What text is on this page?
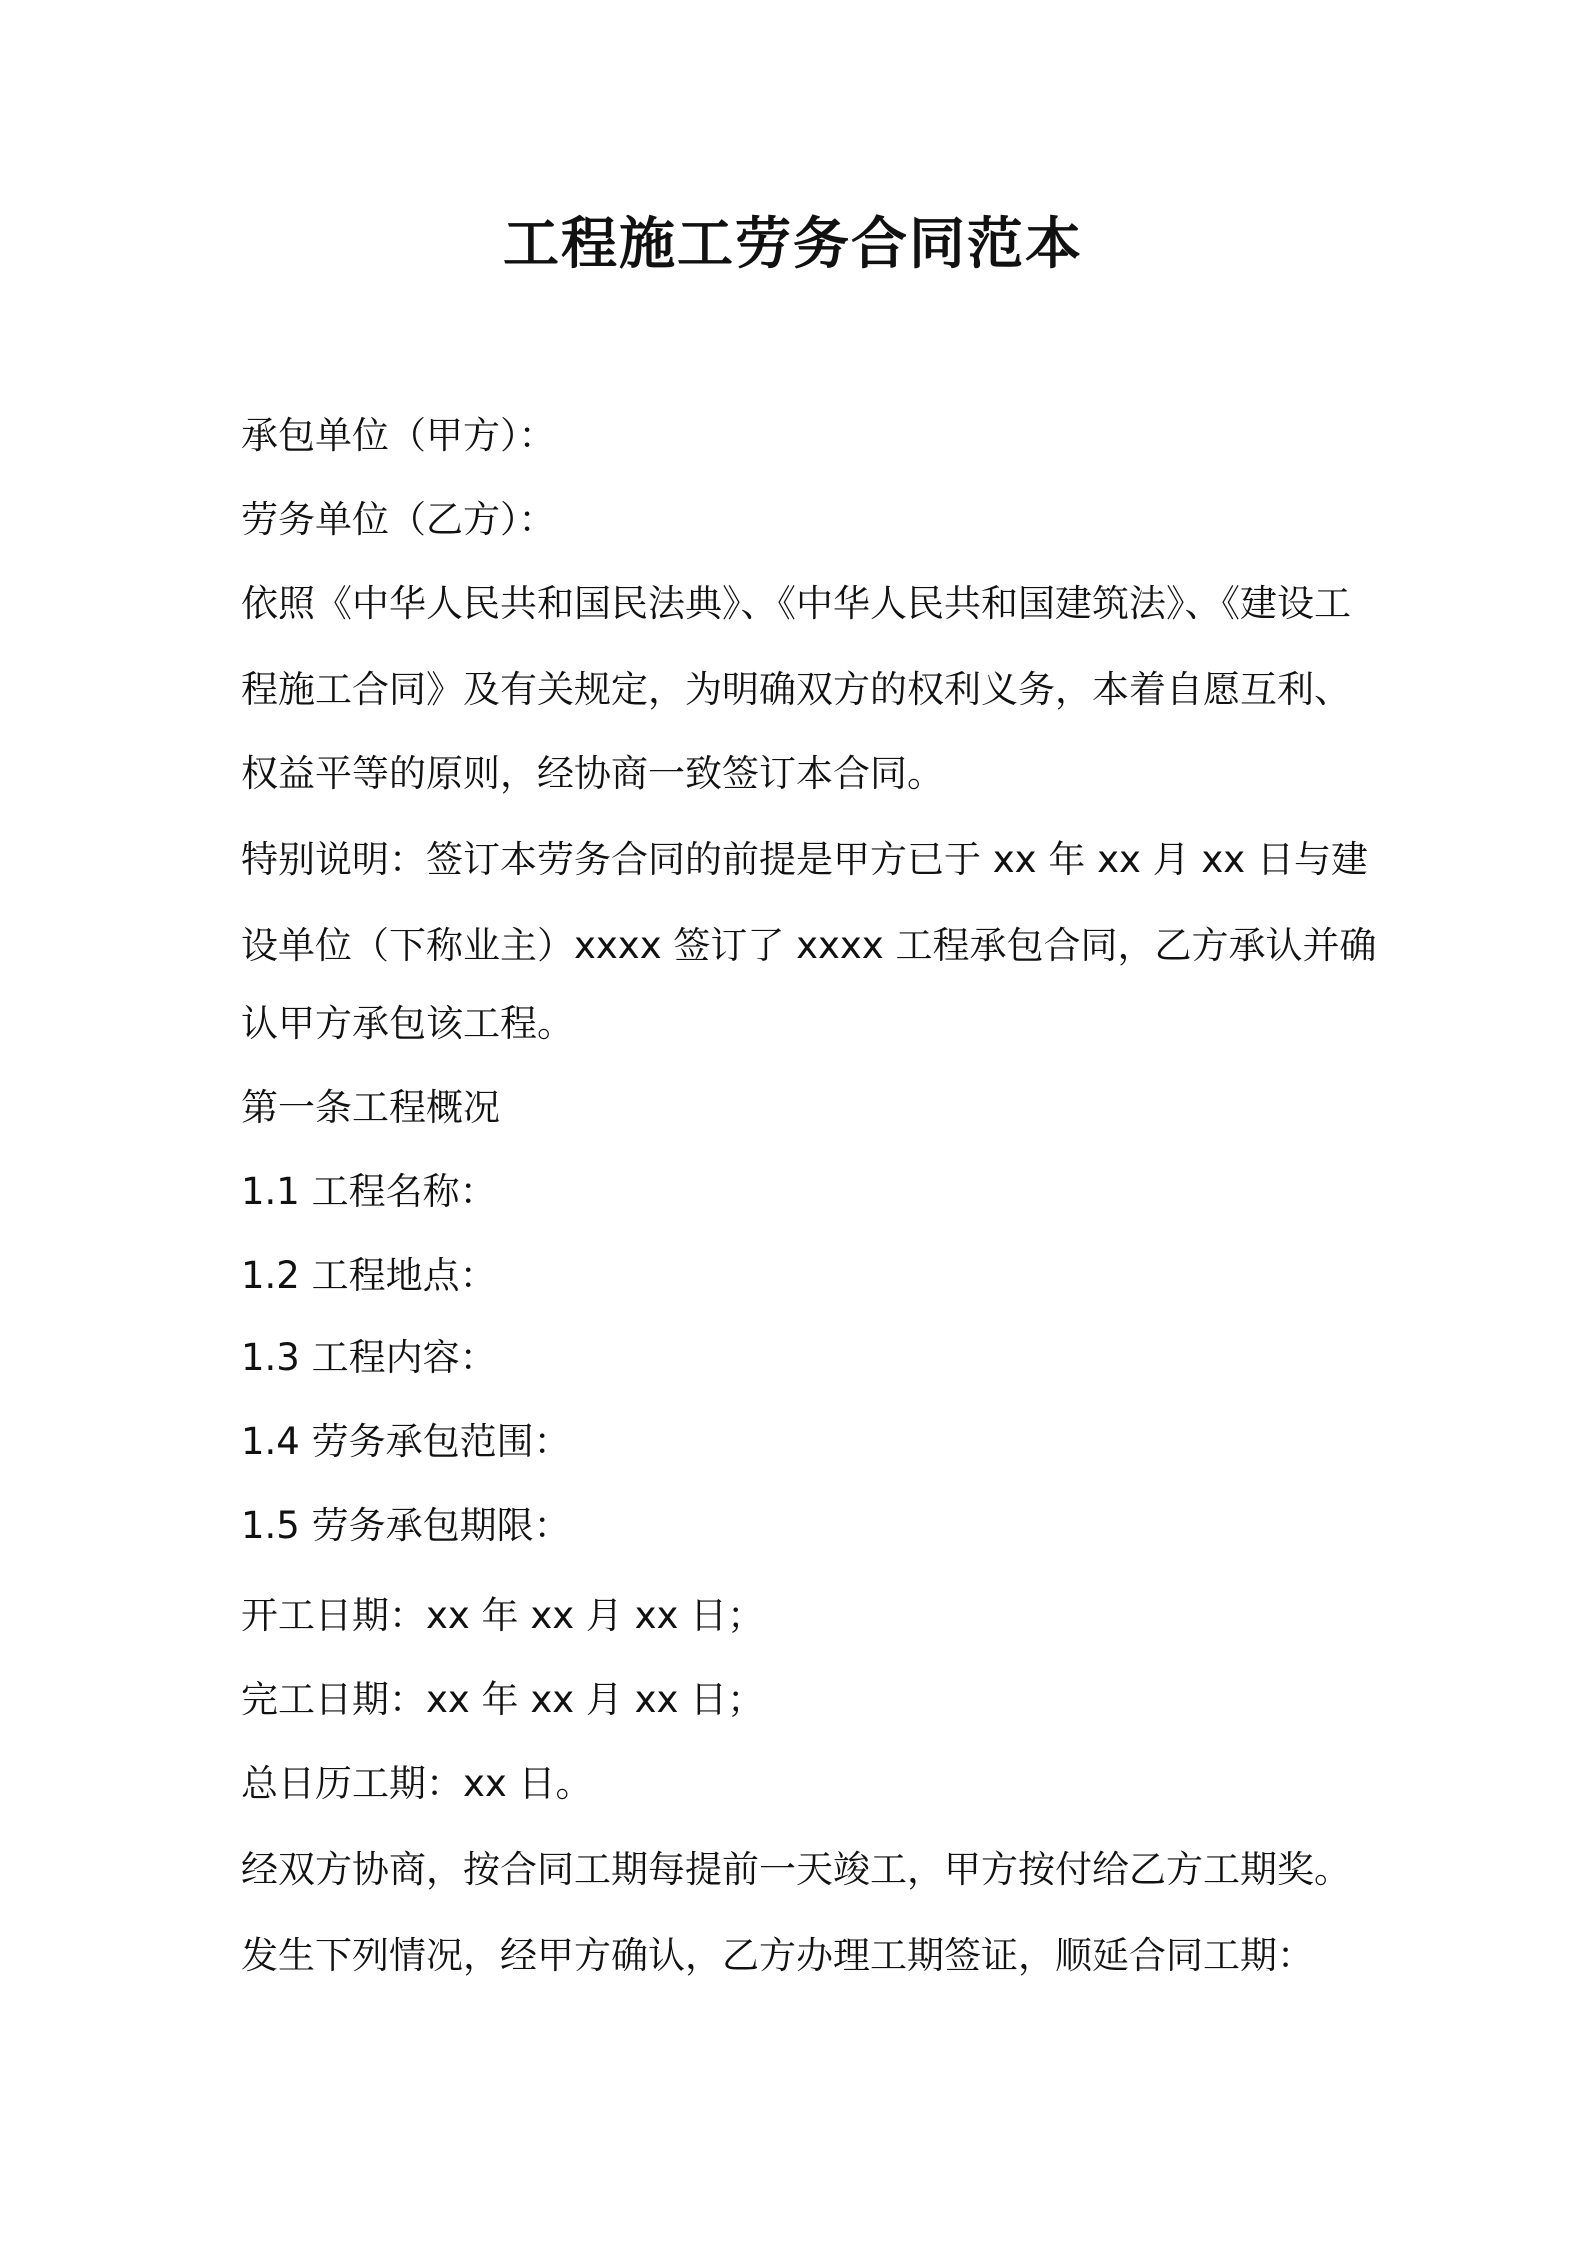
工程施工劳务合同范本
承包单位（甲方）：
劳务单位（乙方）：
依照《中华人民共和国民法典》、《中华人民共和国建筑法》、《建设工
程施工合同》及有关规定，为明确双方的权利义务，本着自愿互利、
权益平等的原则，经协商一致签订本合同。
特别说明：签订本劳务合同的前提是甲方已于 xx 年 xx 月 xx 日与建
设单位（下称业主）xxxx 签订了 xxxx 工程承包合同，乙方承认并确
认甲方承包该工程。
第一条工程概况
1.1 工程名称：
1.2 工程地点：
1.3 工程内容：
1.4 劳务承包范围：
1.5 劳务承包期限：
开工日期：xx 年 xx 月 xx 日；
完工日期：xx 年 xx 月 xx 日；
总日历工期：xx 日。
经双方协商，按合同工期每提前一天竣工，甲方按付给乙方工期奖。
发生下列情况，经甲方确认，乙方办理工期签证，顺延合同工期：
